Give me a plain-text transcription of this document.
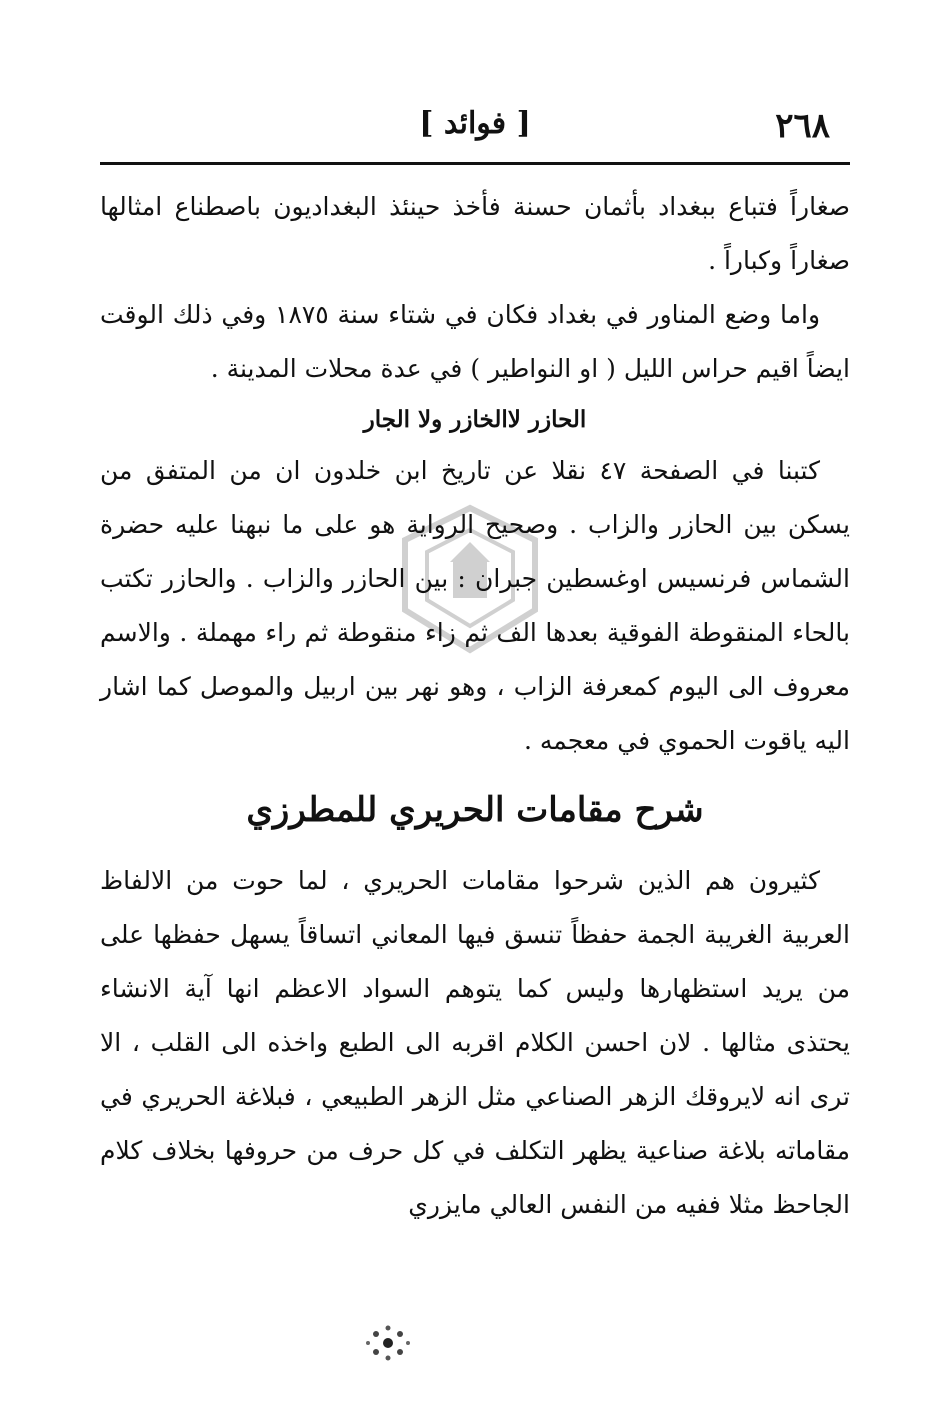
٢٦٨
[ فوائد ]

صغاراً فتباع ببغداد بأثمان حسنة فأخذ حينئذ البغداديون باصطناع امثالها صغاراً وكباراً .

واما وضع المناور في بغداد فكان في شتاء سنة ١٨٧٥ وفي ذلك الوقت ايضاً اقيم حراس الليل ( او النواطير ) في عدة محلات المدينة .

الحازر لاالخازر ولا الجار

كتبنا في الصفحة ٤٧ نقلا عن تاريخ ابن خلدون ان من المتفق من يسكن بين الحازر والزاب . وصحيح الرواية هو على ما نبهنا عليه حضرة الشماس فرنسيس اوغسطين جبران : بين الحازر والزاب . والحازر تكتب بالحاء المنقوطة الفوقية بعدها الف ثم زاء منقوطة ثم راء مهملة . والاسم معروف الى اليوم كمعرفة الزاب ، وهو نهر بين اربيل والموصل كما اشار اليه ياقوت الحموي في معجمه .

شرح مقامات الحريري للمطرزي

كثيرون هم الذين شرحوا مقامات الحريري ، لما حوت من الالفاظ العربية الغريبة الجمة حفظاً تنسق فيها المعاني اتساقاً يسهل حفظها على من يريد استظهارها وليس كما يتوهم السواد الاعظم انها آية الانشاء يحتذى مثالها . لان احسن الكلام اقربه الى الطبع واخذه الى القلب ، الا ترى انه لايروقك الزهر الصناعي مثل الزهر الطبيعي ، فبلاغة الحريري في مقاماته بلاغة صناعية يظهر التكلف في كل حرف من حروفها بخلاف كلام الجاحظ مثلا ففيه من النفس العالي مايزري
